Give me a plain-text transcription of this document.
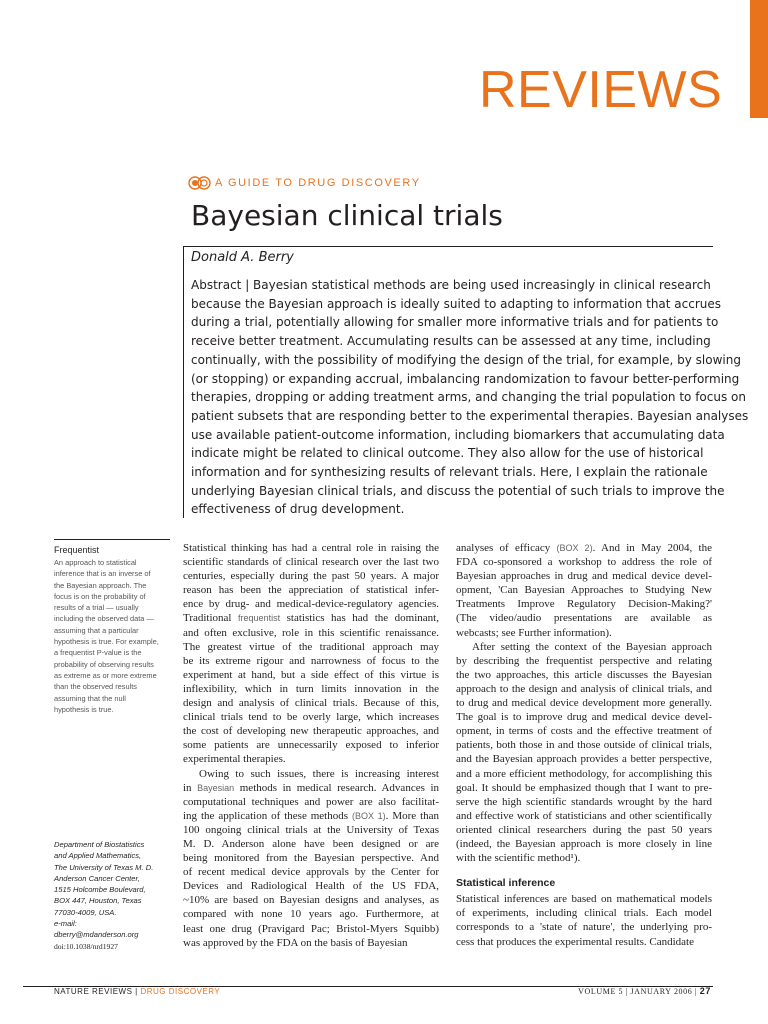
REVIEWS
A GUIDE TO DRUG DISCOVERY
Bayesian clinical trials
Donald A. Berry

Abstract | Bayesian statistical methods are being used increasingly in clinical research
because the Bayesian approach is ideally suited to adapting to information that accrues
during a trial, potentially allowing for smaller more informative trials and for patients to
receive better treatment. Accumulating results can be assessed at any time, including
continually, with the possibility of modifying the design of the trial, for example, by slowing
(or stopping) or expanding accrual, imbalancing randomization to favour better-performing
therapies, dropping or adding treatment arms, and changing the trial population to focus on
patient subsets that are responding better to the experimental therapies. Bayesian analyses
use available patient-outcome information, including biomarkers that accumulating data
indicate might be related to clinical outcome. They also allow for the use of historical
information and for synthesizing results of relevant trials. Here, I explain the rationale
underlying Bayesian clinical trials, and discuss the potential of such trials to improve the
effectiveness of drug development.

Frequentist
An approach to statistical
inference that is an inverse of
the Bayesian approach. The
focus is on the probability of
results of a trial — usually
including the observed data —
assuming that a particular
hypothesis is true. For example,
a frequentist P-value is the
probability of observing results
as extreme as or more extreme
than the observed results
assuming that the null
hypothesis is true.
Department of Biostatistics
and Applied Mathematics,
The University of Texas M. D.
Anderson Cancer Center,
1515 Holcombe Boulevard,
BOX 447, Houston, Texas
77030-4009, USA.
e-mail:
dberry@mdanderson.org
doi:10.1038/nrd1927
Statistical thinking has had a central role in raising the
scientific standards of clinical research over the last two
centuries, especially during the past 50 years. A major
reason has been the appreciation of statistical infer-
ence by drug- and medical-device-regulatory agencies.
Traditional frequentist statistics has had the dominant,
and often exclusive, role in this scientific renaissance.
The greatest virtue of the traditional approach may
be its extreme rigour and narrowness of focus to the
experiment at hand, but a side effect of this virtue is
inflexibility, which in turn limits innovation in the
design and analysis of clinical trials. Because of this,
clinical trials tend to be overly large, which increases
the cost of developing new therapeutic approaches, and
some patients are unnecessarily exposed to inferior
experimental therapies.
Owing to such issues, there is increasing interest
in Bayesian methods in medical research. Advances in
computational techniques and power are also facilitat-
ing the application of these methods (BOX 1). More than
100 ongoing clinical trials at the University of Texas
M. D. Anderson alone have been designed or are
being monitored from the Bayesian perspective. And
of recent medical device approvals by the Center for
Devices and Radiological Health of the US FDA,
~10% are based on Bayesian designs and analyses, as
compared with none 10 years ago. Furthermore, at
least one drug (Pravigard Pac; Bristol-Myers Squibb)
was approved by the FDA on the basis of Bayesian
analyses of efficacy (BOX 2). And in May 2004, the
FDA co-sponsored a workshop to address the role of
Bayesian approaches in drug and medical device devel-
opment, 'Can Bayesian Approaches to Studying New
Treatments Improve Regulatory Decision-Making?'
(The video/audio presentations are available as
webcasts; see Further information).
After setting the context of the Bayesian approach
by describing the frequentist perspective and relating
the two approaches, this article discusses the Bayesian
approach to the design and analysis of clinical trials, and
to drug and medical device development more generally.
The goal is to improve drug and medical device devel-
opment, in terms of costs and the effective treatment of
patients, both those in and those outside of clinical trials,
and the Bayesian approach provides a better perspective,
and a more efficient methodology, for accomplishing this
goal. It should be emphasized though that I want to pre-
serve the high scientific standards wrought by the hard
and effective work of statisticians and other scientifically
oriented clinical researchers during the past 50 years
(indeed, the Bayesian approach is more closely in line
with the scientific method¹).
Statistical inference
Statistical inferences are based on mathematical models
of experiments, including clinical trials. Each model
corresponds to a 'state of nature', the underlying pro-
cess that produces the experimental results. Candidate
NATURE REVIEWS | DRUG DISCOVERY	VOLUME 5 | JANUARY 2006 | 27
